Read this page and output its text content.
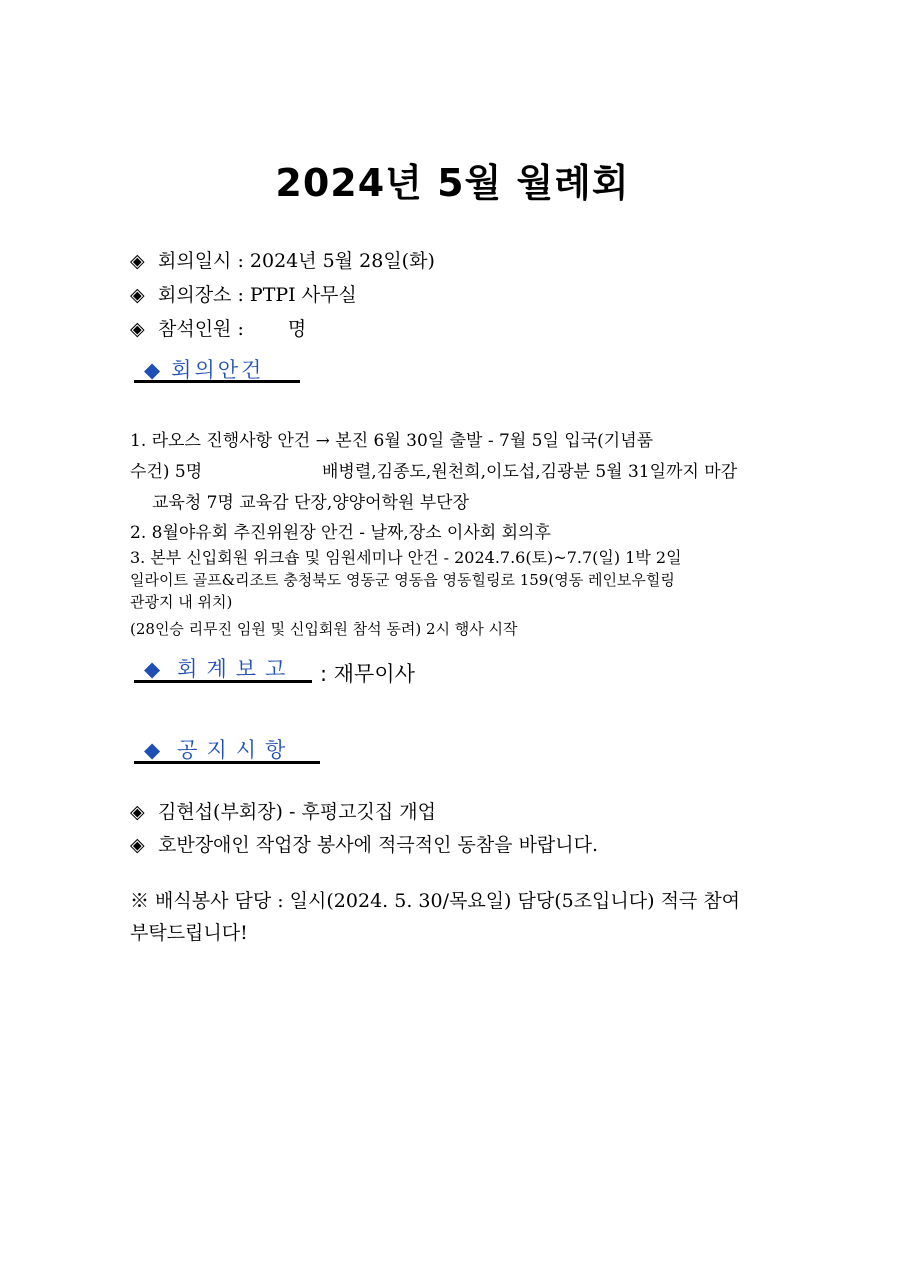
2024년 5월 월례회
◈ 회의일시 : 2024년 5월 28일(화)
◈ 회의장소 : PTPI 사무실
◈ 참석인원 : 명
◆ 회의안건
1. 라오스 진행사항 안건 → 본진 6월 30일 출발 - 7월 5일 입국(기념품
수건) 5명	배병렬,김종도,원천희,이도섭,김광분 5월 31일까지 마감
교육청 7명 교육감 단장,양양어학원 부단장
2. 8월야유회 추진위원장 안건 - 날짜,장소 이사회 회의후
3. 본부 신입회원 위크숍 및 임원세미나 안건 - 2024.7.6(토)~7.7(일) 1박 2일
일라이트 골프&리조트 충청북도 영동군 영동읍 영동힐링로 159(영동 레인보우힐링
관광지 내 위치)
(28인승 리무진 임원 및 신입회원 참석 동려) 2시 행사 시작
◆ 회계보고 : 재무이사
◆ 공지시항
◈ 김현섭(부회장) - 후평고깃집 개업
◈ 호반장애인 작업장 봉사에 적극적인 동참을 바랍니다.
※ 배식봉사 담당 : 일시(2024. 5. 30/목요일) 담당(5조입니다) 적극 참여
부탁드립니다!
